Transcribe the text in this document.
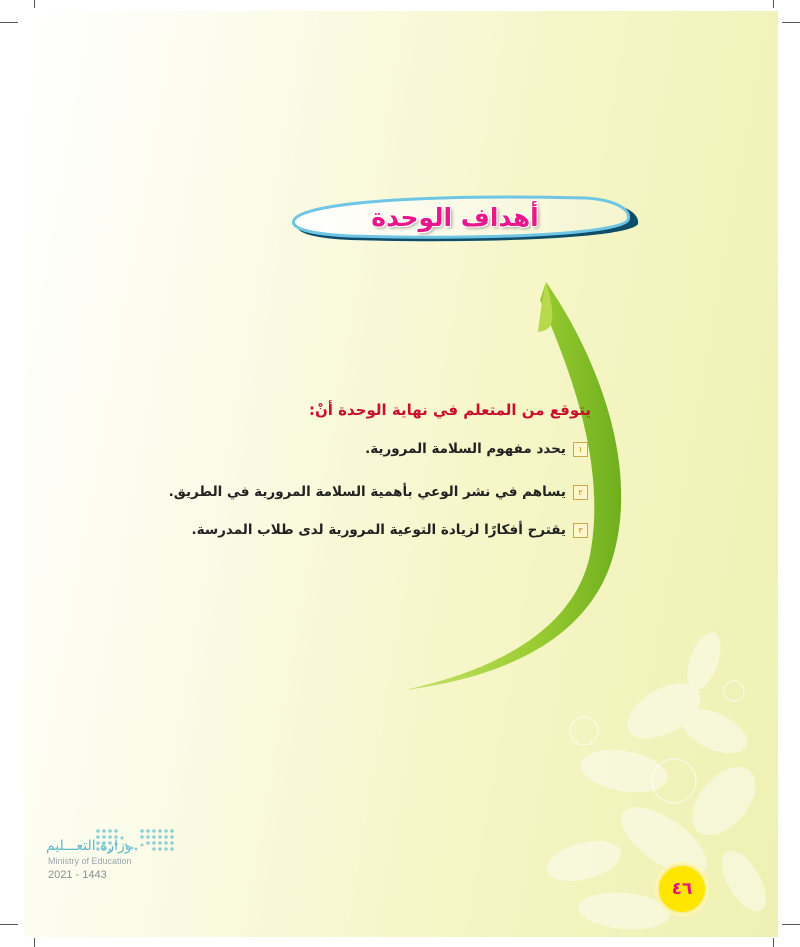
أهداف الوحدة
يتوقع من المتعلم في نهاية الوحدة أنْ:
١
يحدد مفهوم السلامة المرورية.
٢
يساهم في نشر الوعي بأهمية السلامة المرورية في الطريق.
٣
يقترح أفكارًا لزيادة التوعية المرورية لدى طلاب المدرسة.
وزارة التعـــليم
Ministry of Education
2021 - 1443
٤٦
